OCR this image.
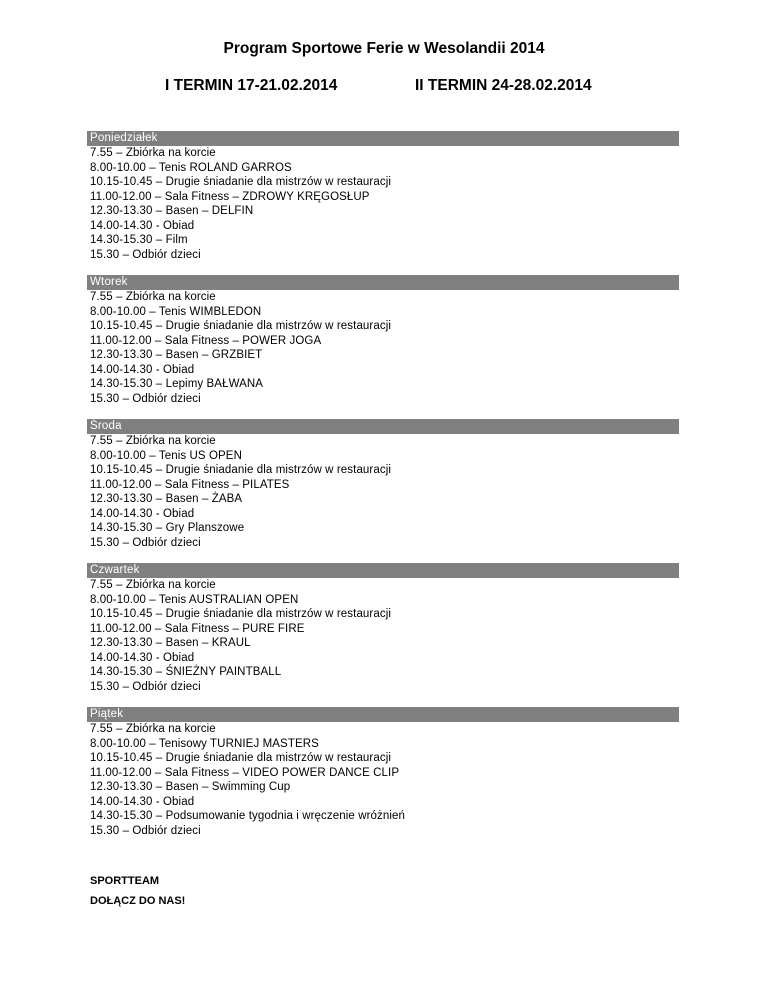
Program Sportowe Ferie w Wesolandii 2014
I TERMIN 17-21.02.2014	II TERMIN 24-28.02.2014
Poniedziałek
7.55 – Zbiórka na korcie
8.00-10.00 – Tenis ROLAND GARROS
10.15-10.45 – Drugie śniadanie dla mistrzów w restauracji
11.00-12.00 – Sala Fitness – ZDROWY KRĘGOSŁUP
12.30-13.30 – Basen – DELFIN
14.00-14.30 - Obiad
14.30-15.30 – Film
15.30 – Odbiór dzieci
Wtorek
7.55 – Zbiórka na korcie
8.00-10.00 – Tenis WIMBLEDON
10.15-10.45 – Drugie śniadanie dla mistrzów w restauracji
11.00-12.00 – Sala Fitness – POWER JOGA
12.30-13.30 – Basen – GRZBIET
14.00-14.30 - Obiad
14.30-15.30 – Lepimy BAŁWANA
15.30 – Odbiór dzieci
Środa
7.55 – Zbiórka na korcie
8.00-10.00 – Tenis US OPEN
10.15-10.45 – Drugie śniadanie dla mistrzów w restauracji
11.00-12.00 – Sala Fitness – PILATES
12.30-13.30 – Basen – ŻABA
14.00-14.30 - Obiad
14.30-15.30 – Gry Planszowe
15.30 – Odbiór dzieci
Czwartek
7.55 – Zbiórka na korcie
8.00-10.00 – Tenis AUSTRALIAN OPEN
10.15-10.45 – Drugie śniadanie dla mistrzów w restauracji
11.00-12.00 – Sala Fitness – PURE FIRE
12.30-13.30 – Basen – KRAUL
14.00-14.30 - Obiad
14.30-15.30 – ŚNIEŻNY PAINTBALL
15.30 – Odbiór dzieci
Piątek
7.55 – Zbiórka na korcie
8.00-10.00 – Tenisowy TURNIEJ MASTERS
10.15-10.45 – Drugie śniadanie dla mistrzów w restauracji
11.00-12.00 – Sala Fitness – VIDEO POWER DANCE CLIP
12.30-13.30 – Basen – Swimming Cup
14.00-14.30 - Obiad
14.30-15.30 – Podsumowanie tygodnia i wręczenie wróżnień
15.30 – Odbiór dzieci
SPORTTEAM
DOŁĄCZ DO NAS!
